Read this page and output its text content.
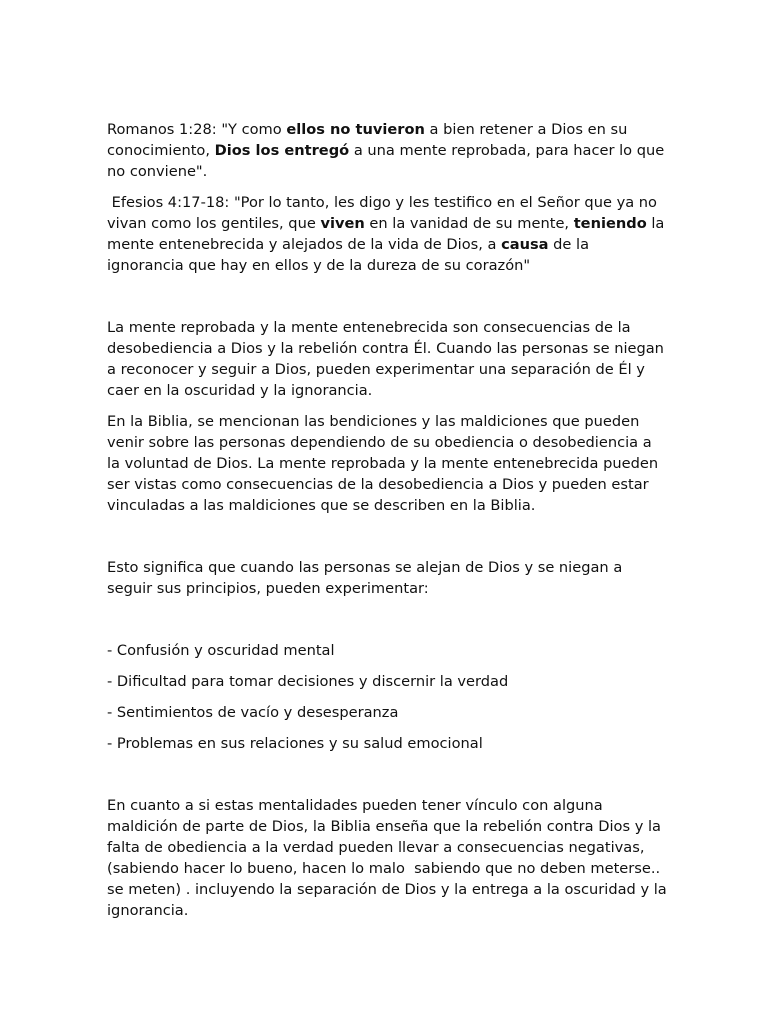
Romanos 1:28: "Y como ellos no tuvieron a bien retener a Dios en su conocimiento, Dios los entregó a una mente reprobada, para hacer lo que no conviene".

Efesios 4:17-18: "Por lo tanto, les digo y les testifico en el Señor que ya no vivan como los gentiles, que viven en la vanidad de su mente, teniendo la mente entenebrecida y alejados de la vida de Dios, a causa de la ignorancia que hay en ellos y de la dureza de su corazón"

La mente reprobada y la mente entenebrecida son consecuencias de la desobediencia a Dios y la rebelión contra Él. Cuando las personas se niegan a reconocer y seguir a Dios, pueden experimentar una separación de Él y caer en la oscuridad y la ignorancia.

En la Biblia, se mencionan las bendiciones y las maldiciones que pueden venir sobre las personas dependiendo de su obediencia o desobediencia a la voluntad de Dios. La mente reprobada y la mente entenebrecida pueden ser vistas como consecuencias de la desobediencia a Dios y pueden estar vinculadas a las maldiciones que se describen en la Biblia.

Esto significa que cuando las personas se alejan de Dios y se niegan a seguir sus principios, pueden experimentar:

- Confusión y oscuridad mental

- Dificultad para tomar decisiones y discernir la verdad

- Sentimientos de vacío y desesperanza

- Problemas en sus relaciones y su salud emocional

En cuanto a si estas mentalidades pueden tener vínculo con alguna maldición de parte de Dios, la Biblia enseña que la rebelión contra Dios y la falta de obediencia a la verdad pueden llevar a consecuencias negativas, (sabiendo hacer lo bueno, hacen lo malo  sabiendo que no deben meterse.. se meten) . incluyendo la separación de Dios y la entrega a la oscuridad y la ignorancia.
